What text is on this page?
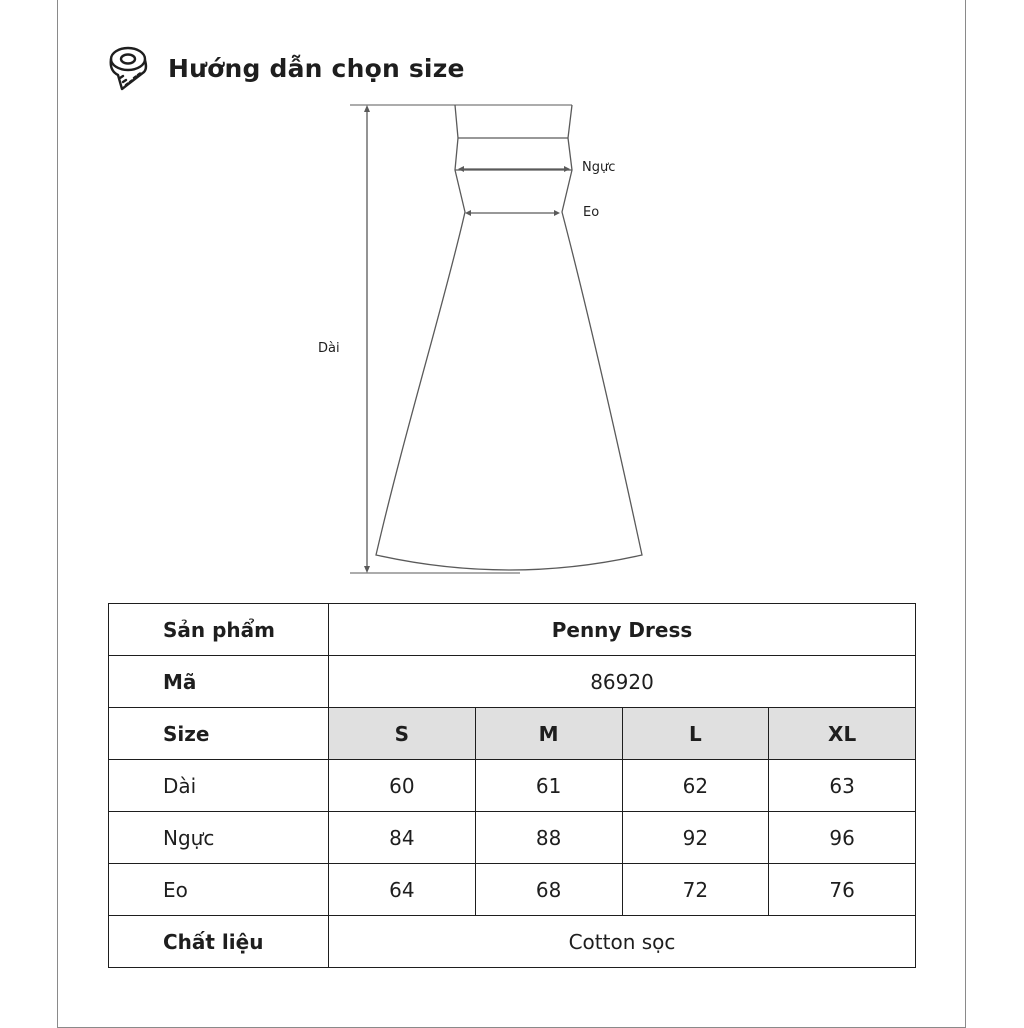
Hướng dẫn chọn size
Ngực
Eo
Dài
Sản phẩm	Penny Dress			
Mã	86920			
Size	S	M	L	XL
Dài	60	61	62	63
Ngực	84	88	92	96
Eo	64	68	72	76
Chất liệu	Cotton sọc			
